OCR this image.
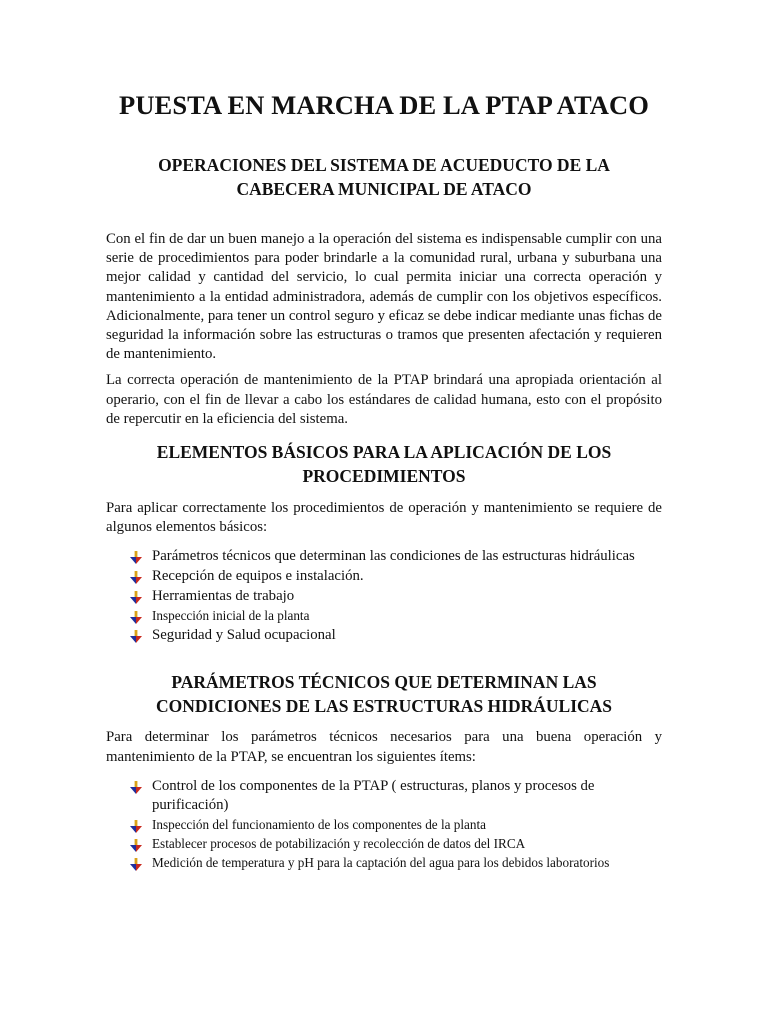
PUESTA EN MARCHA DE LA PTAP ATACO
OPERACIONES DEL SISTEMA DE ACUEDUCTO DE LA
CABECERA MUNICIPAL DE ATACO

Con el fin de dar un buen manejo a la operación del sistema es indispensable cumplir con una serie de procedimientos para poder brindarle a la comunidad rural, urbana y suburbana una mejor calidad y cantidad del servicio, lo cual permita iniciar una correcta operación y mantenimiento a la entidad administradora, además de cumplir con los objetivos específicos. Adicionalmente, para tener un control seguro y eficaz se debe indicar mediante unas fichas de seguridad la información sobre las estructuras o tramos que presenten afectación y requieren de mantenimiento.

La correcta operación de mantenimiento de la PTAP brindará una apropiada orientación al operario, con el fin de llevar a cabo los estándares de calidad humana, esto con el propósito de repercutir en la eficiencia del sistema.

ELEMENTOS BÁSICOS PARA LA APLICACIÓN DE LOS
PROCEDIMIENTOS

Para aplicar correctamente los procedimientos de operación y mantenimiento se requiere de algunos elementos básicos:

Parámetros técnicos que determinan las condiciones de las estructuras hidráulicas
Recepción de equipos e instalación.
Herramientas de trabajo
Inspección inicial de la planta
Seguridad y Salud ocupacional
PARÁMETROS TÉCNICOS QUE DETERMINAN LAS
CONDICIONES DE LAS ESTRUCTURAS HIDRÁULICAS

Para determinar los parámetros técnicos necesarios para una buena operación y mantenimiento de la PTAP, se encuentran los siguientes ítems:

Control de los componentes de la PTAP ( estructuras, planos y procesos de purificación)
Inspección del funcionamiento de los componentes de la planta
Establecer procesos de potabilización y recolección de datos del IRCA
Medición de temperatura y pH para la captación del agua para los debidos laboratorios
